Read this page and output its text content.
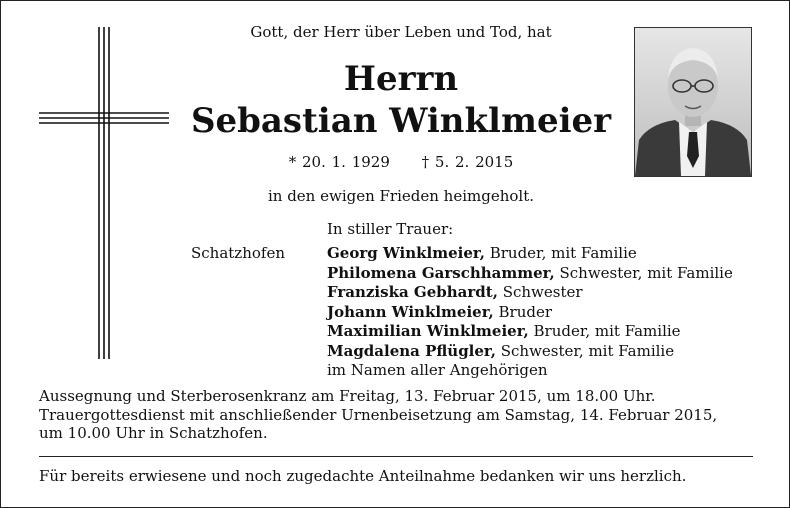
Gott, der Herr über Leben und Tod, hat
Herrn
Sebastian Winklmeier
* 20. 1. 1929 † 5. 2. 2015
in den ewigen Frieden heimgeholt.
In stiller Trauer:
Schatzhofen	Georg Winklmeier, Bruder, mit Familie
Philomena Garschhammer, Schwester, mit Familie
Franziska Gebhardt, Schwester
Johann Winklmeier, Bruder
Maximilian Winklmeier, Bruder, mit Familie
Magdalena Pflügler, Schwester, mit Familie
im Namen aller Angehörigen
Aussegnung und Sterberosenkranz am Freitag, 13. Februar 2015, um 18.00 Uhr.
Trauergottesdienst mit anschließender Urnenbeisetzung am Samstag, 14. Februar 2015,
um 10.00 Uhr in Schatzhofen.
Für bereits erwiesene und noch zugedachte Anteilnahme bedanken wir uns herzlich.
